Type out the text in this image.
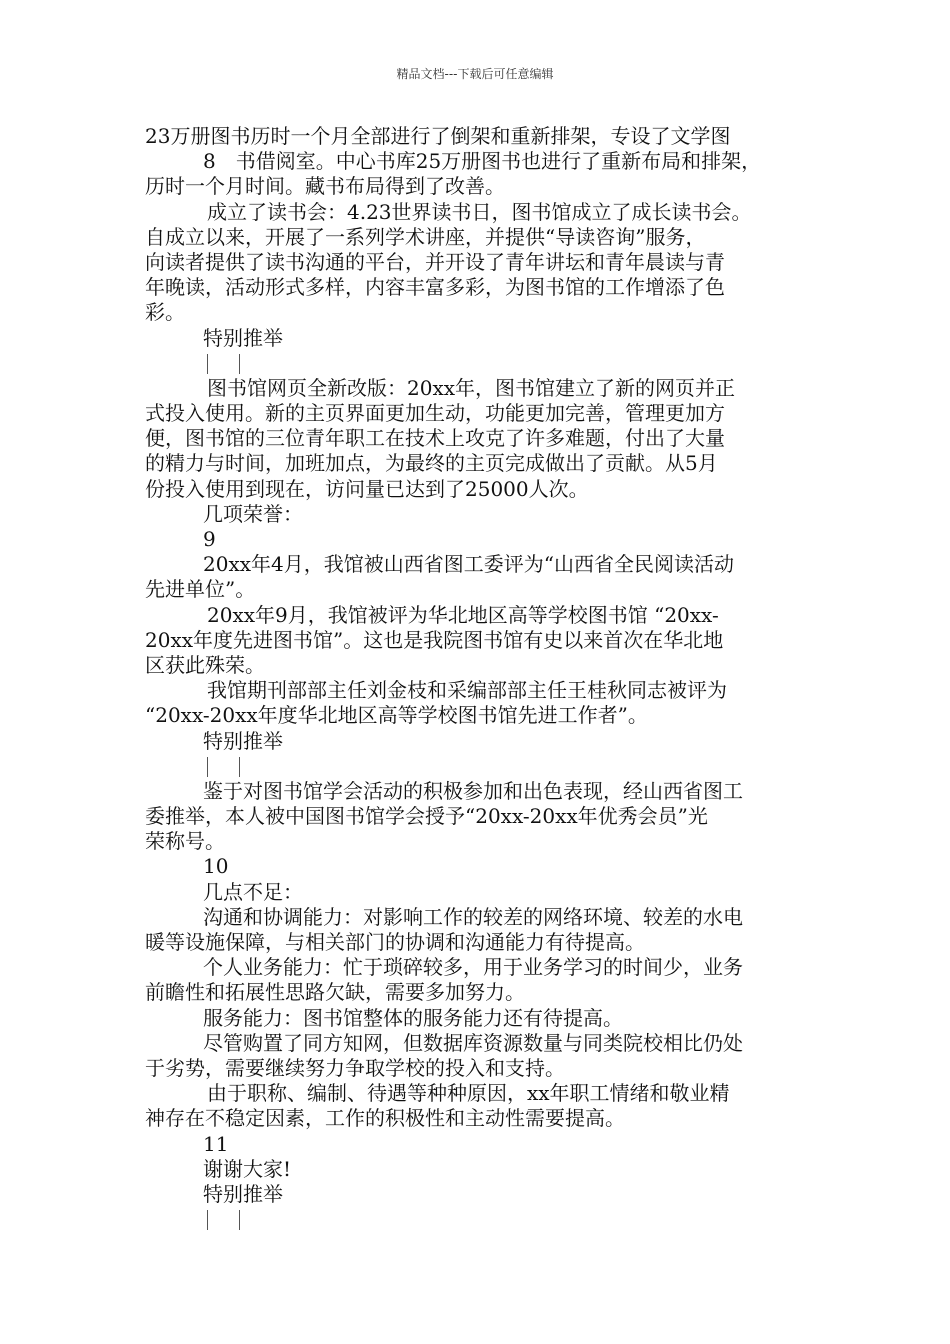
精品文档---下载后可任意编辑
23万册图书历时一个月全部进行了倒架和重新排架，专设了文学图
8　书借阅室。中心书库25万册图书也进行了重新布局和排架，
历时一个月时间。藏书布局得到了改善。
成立了读书会：4.23世界读书日，图书馆成立了成长读书会。
自成立以来，开展了一系列学术讲座，并提供“导读咨询”服务，
向读者提供了读书沟通的平台，并开设了青年讲坛和青年晨读与青
年晚读，活动形式多样，内容丰富多彩，为图书馆的工作增添了色
彩。
特别推举
图书馆网页全新改版：20xx年，图书馆建立了新的网页并正
式投入使用。新的主页界面更加生动，功能更加完善，管理更加方
便，图书馆的三位青年职工在技术上攻克了许多难题，付出了大量
的精力与时间，加班加点，为最终的主页完成做出了贡献。从5月
份投入使用到现在，访问量已达到了25000人次。
几项荣誉：
9
20xx年4月，我馆被山西省图工委评为“山西省全民阅读活动
先进单位”。
20xx年9月，我馆被评为华北地区高等学校图书馆 “20xx-
20xx年度先进图书馆”。这也是我院图书馆有史以来首次在华北地
区获此殊荣。
我馆期刊部部主任刘金枝和采编部部主任王桂秋同志被评为
“20xx-20xx年度华北地区高等学校图书馆先进工作者”。
特别推举
鉴于对图书馆学会活动的积极参加和出色表现，经山西省图工
委推举，本人被中国图书馆学会授予“20xx-20xx年优秀会员”光
荣称号。
10
几点不足：
沟通和协调能力：对影响工作的较差的网络环境、较差的水电
暖等设施保障，与相关部门的协调和沟通能力有待提高。
个人业务能力：忙于琐碎较多，用于业务学习的时间少，业务
前瞻性和拓展性思路欠缺，需要多加努力。
服务能力：图书馆整体的服务能力还有待提高。
尽管购置了同方知网，但数据库资源数量与同类院校相比仍处
于劣势，需要继续努力争取学校的投入和支持。
由于职称、编制、待遇等种种原因，xx年职工情绪和敬业精
神存在不稳定因素，工作的积极性和主动性需要提高。
11
谢谢大家!
特别推举
